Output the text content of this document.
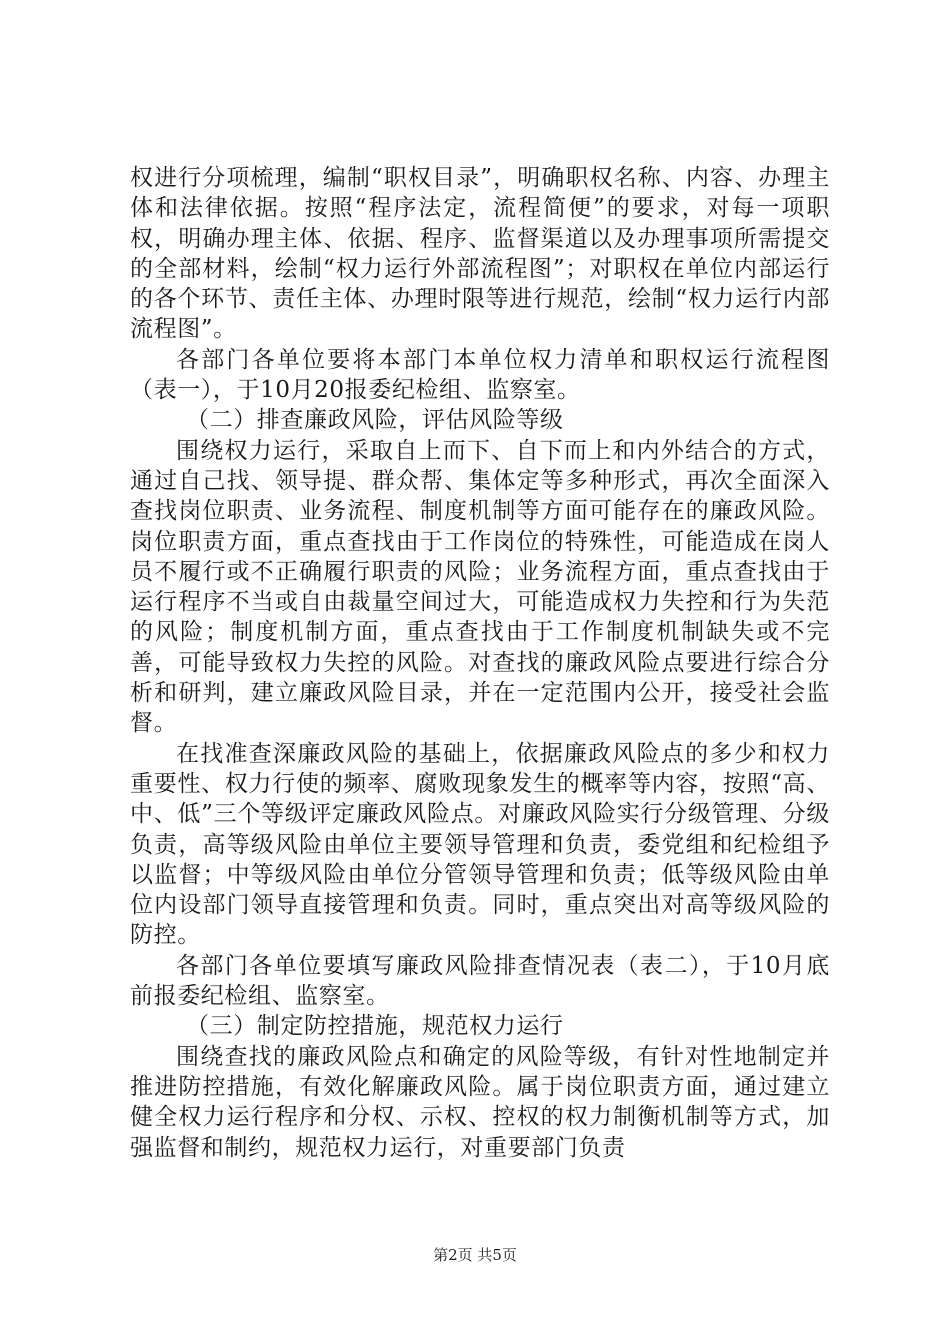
权进行分项梳理，编制“职权目录”，明确职权名称、内容、办理主体和法律依据。按照“程序法定，流程简便”的要求，对每一项职权，明确办理主体、依据、程序、监督渠道以及办理事项所需提交的全部材料，绘制“权力运行外部流程图”；对职权在单位内部运行的各个环节、责任主体、办理时限等进行规范，绘制“权力运行内部流程图”。

各部门各单位要将本部门本单位权力清单和职权运行流程图（表一），于10月20报委纪检组、监察室。

（二）排查廉政风险，评估风险等级

围绕权力运行，采取自上而下、自下而上和内外结合的方式，通过自己找、领导提、群众帮、集体定等多种形式，再次全面深入查找岗位职责、业务流程、制度机制等方面可能存在的廉政风险。岗位职责方面，重点查找由于工作岗位的特殊性，可能造成在岗人员不履行或不正确履行职责的风险；业务流程方面，重点查找由于运行程序不当或自由裁量空间过大，可能造成权力失控和行为失范的风险；制度机制方面，重点查找由于工作制度机制缺失或不完善，可能导致权力失控的风险。对查找的廉政风险点要进行综合分析和研判，建立廉政风险目录，并在一定范围内公开，接受社会监督。

在找准查深廉政风险的基础上，依据廉政风险点的多少和权力重要性、权力行使的频率、腐败现象发生的概率等内容，按照“高、中、低”三个等级评定廉政风险点。对廉政风险实行分级管理、分级负责，高等级风险由单位主要领导管理和负责，委党组和纪检组予以监督；中等级风险由单位分管领导管理和负责；低等级风险由单位内设部门领导直接管理和负责。同时，重点突出对高等级风险的防控。

各部门各单位要填写廉政风险排查情况表（表二），于10月底前报委纪检组、监察室。

（三）制定防控措施，规范权力运行

围绕查找的廉政风险点和确定的风险等级，有针对性地制定并推进防控措施，有效化解廉政风险。属于岗位职责方面，通过建立健全权力运行程序和分权、示权、控权的权力制衡机制等方式，加强监督和制约，规范权力运行，对重要部门负责

第2页 共5页
